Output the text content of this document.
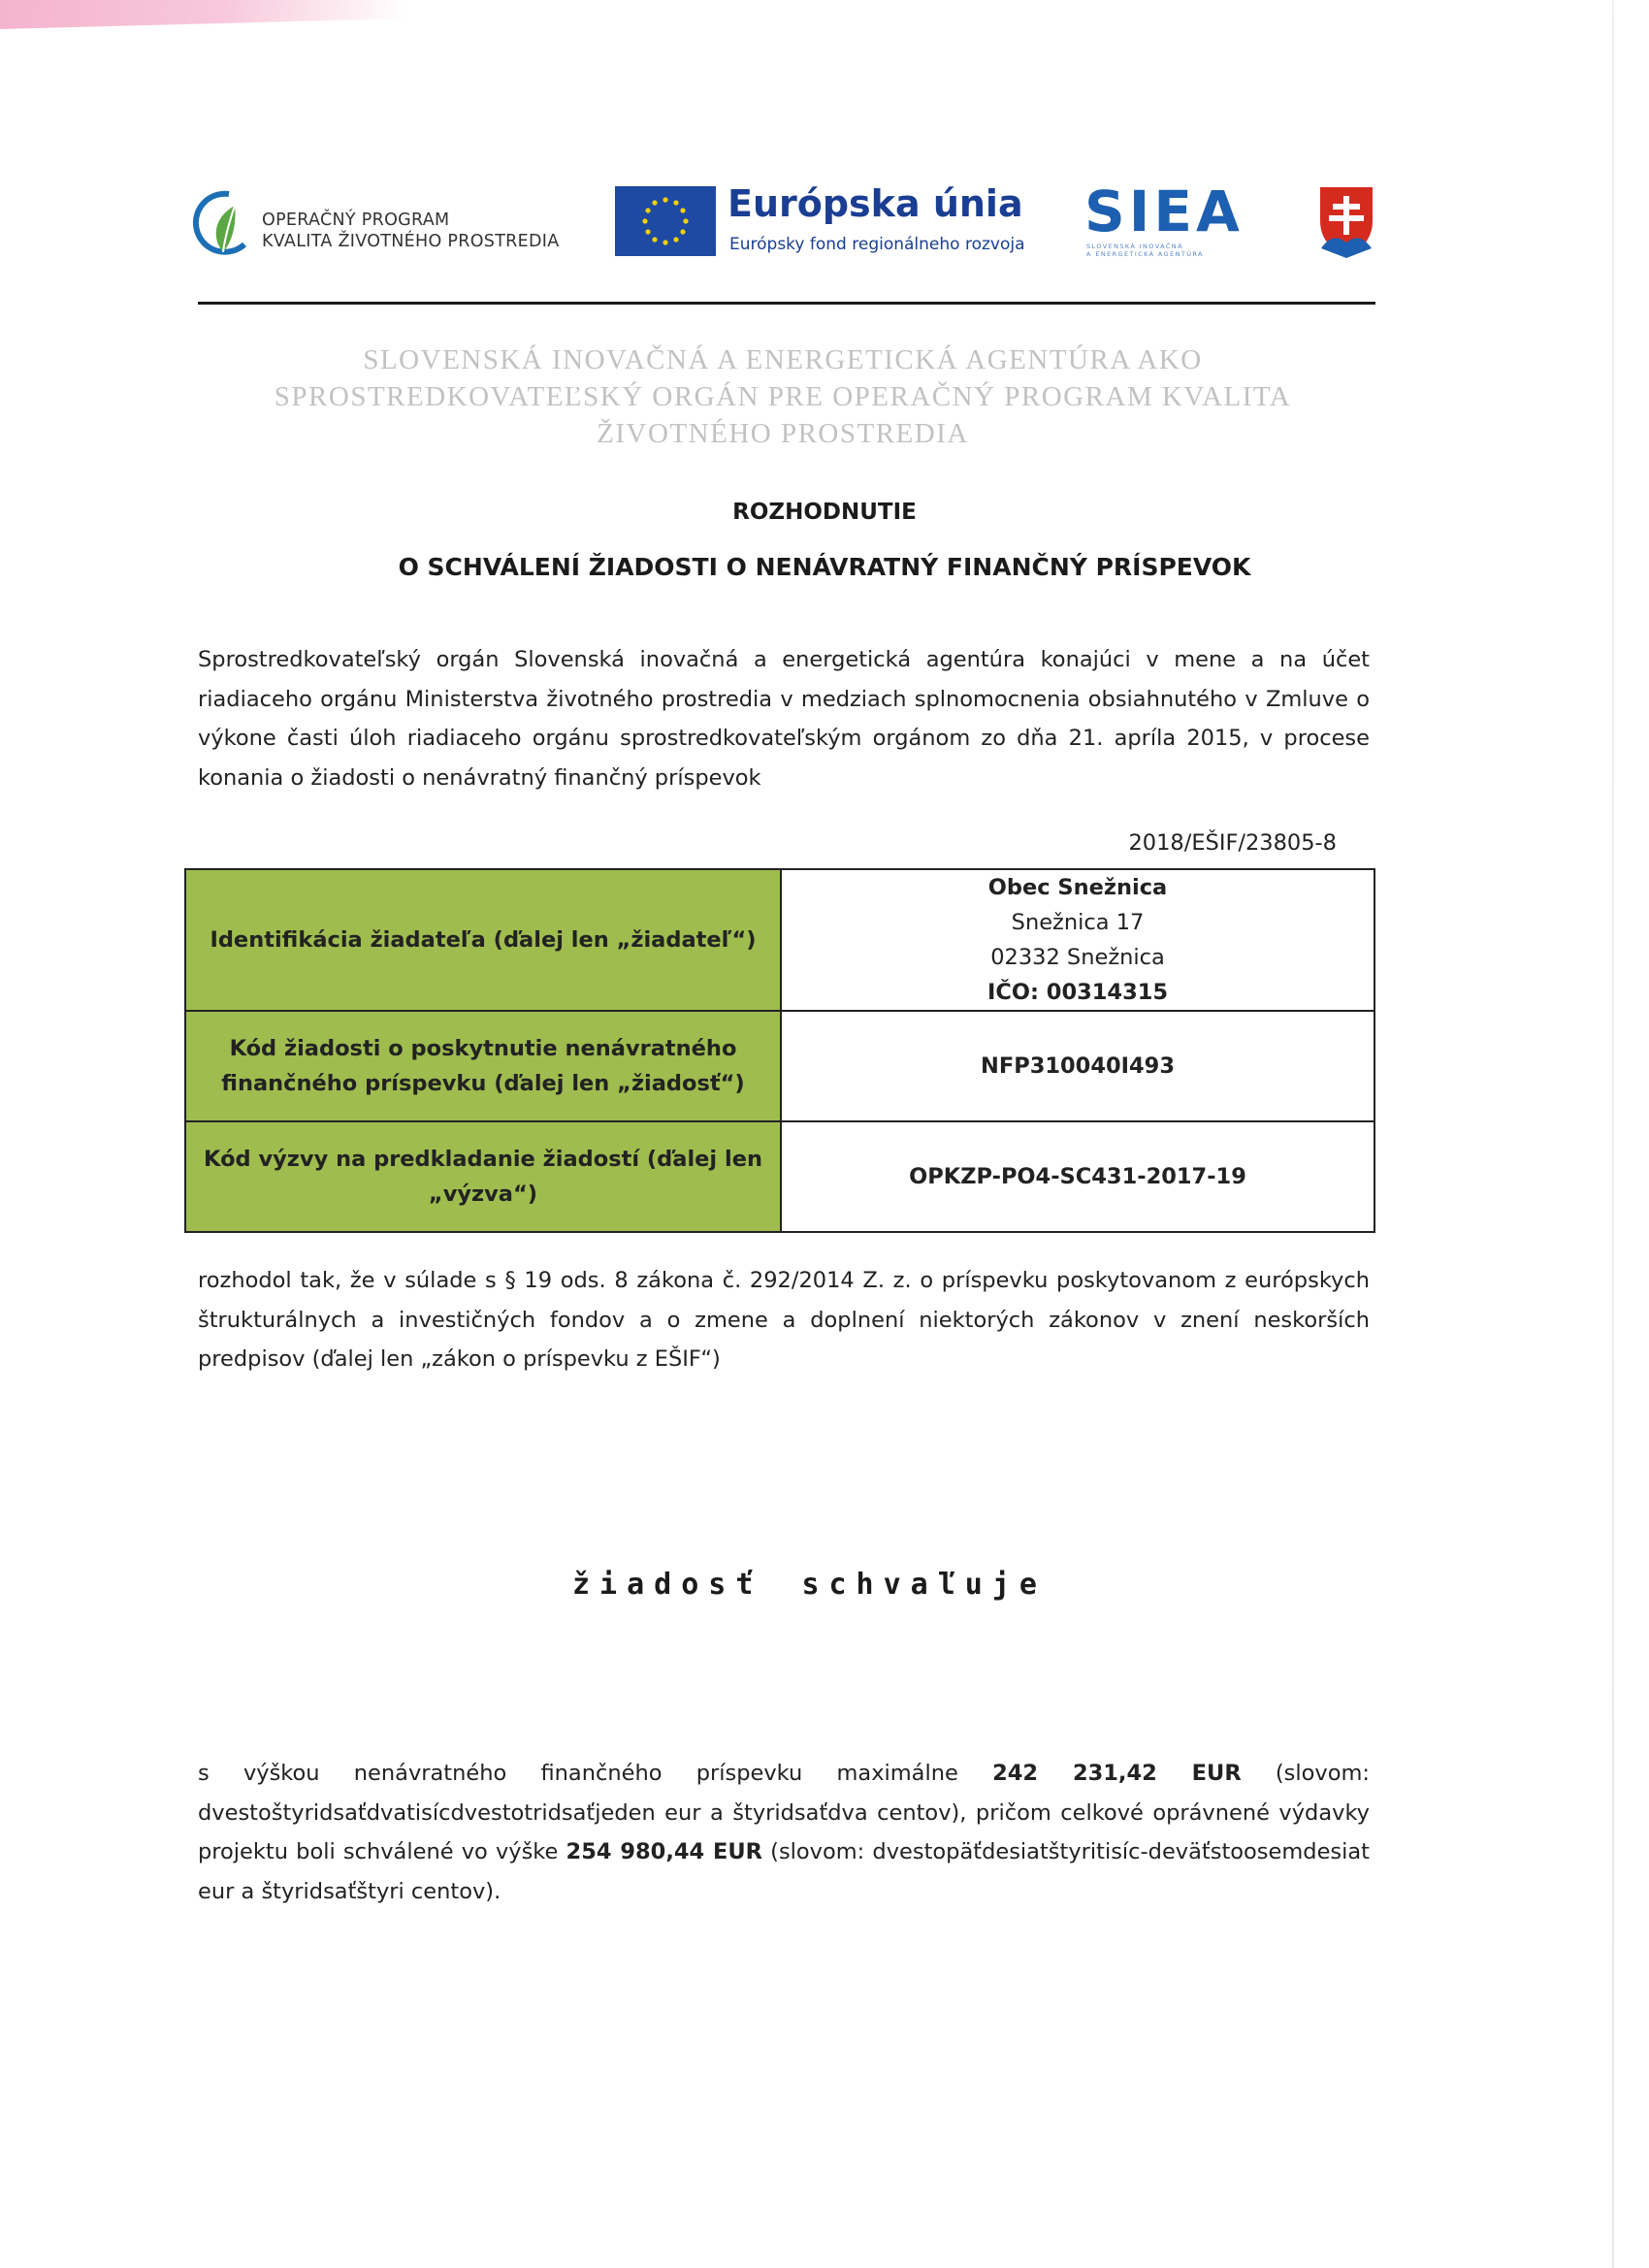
OPERAČNÝ PROGRAM
KVALITA ŽIVOTNÉHO PROSTREDIA
Európska únia
Európsky fond regionálneho rozvoja SIEA
SLOVENSKÁ INOVAČNÁ
A ENERGETICKÁ AGENTÚRA
SLOVENSKÁ INOVAČNÁ A ENERGETICKÁ AGENTÚRA AKO
SPROSTREDKOVATEĽSKÝ ORGÁN PRE OPERAČNÝ PROGRAM KVALITA
ŽIVOTNÉHO PROSTREDIA
ROZHODNUTIE
O SCHVÁLENÍ ŽIADOSTI O NENÁVRATNÝ FINANČNÝ PRÍSPEVOK
Sprostredkovateľský orgán Slovenská inovačná a energetická agentúra konajúci v mene a na účet riadiaceho orgánu Ministerstva životného prostredia v medziach splnomocnenia obsiahnutého v Zmluve o výkone časti úloh riadiaceho orgánu sprostredkovateľským orgánom zo dňa 21. apríla 2015, v procese konania o žiadosti o nenávratný finančný príspevok
2018/EŠIF/23805-8
Identifikácia žiadateľa (ďalej len „žiadateľ“)	Obec Snežnica
Snežnica 17
02332 Snežnica
IČO: 00314315

Kód žiadosti o poskytnutie nenávratného finančného príspevku (ďalej len „žiadosť“)	NFP310040I493
Kód výzvy na predkladanie žiadostí (ďalej len „výzva“)	OPKZP-PO4-SC431-2017-19
rozhodol tak, že v súlade s § 19 ods. 8 zákona č. 292/2014 Z. z. o príspevku poskytovanom z európskych štrukturálnych a investičných fondov a o zmene a doplnení niektorých zákonov v znení neskorších predpisov (ďalej len „zákon o príspevku z EŠIF“)
žiadosť schvaľuje
s výškou nenávratného finančného príspevku maximálne 242 231,42 EUR (slovom: dvestoštyridsaťdvatisícdvestotridsaťjeden eur a štyridsaťdva centov), pričom celkové oprávnené výdavky projektu boli schválené vo výške 254 980,44 EUR (slovom: dvestopäťdesiatštyritisíc-deväťstoosemdesiat eur a štyridsaťštyri centov).
